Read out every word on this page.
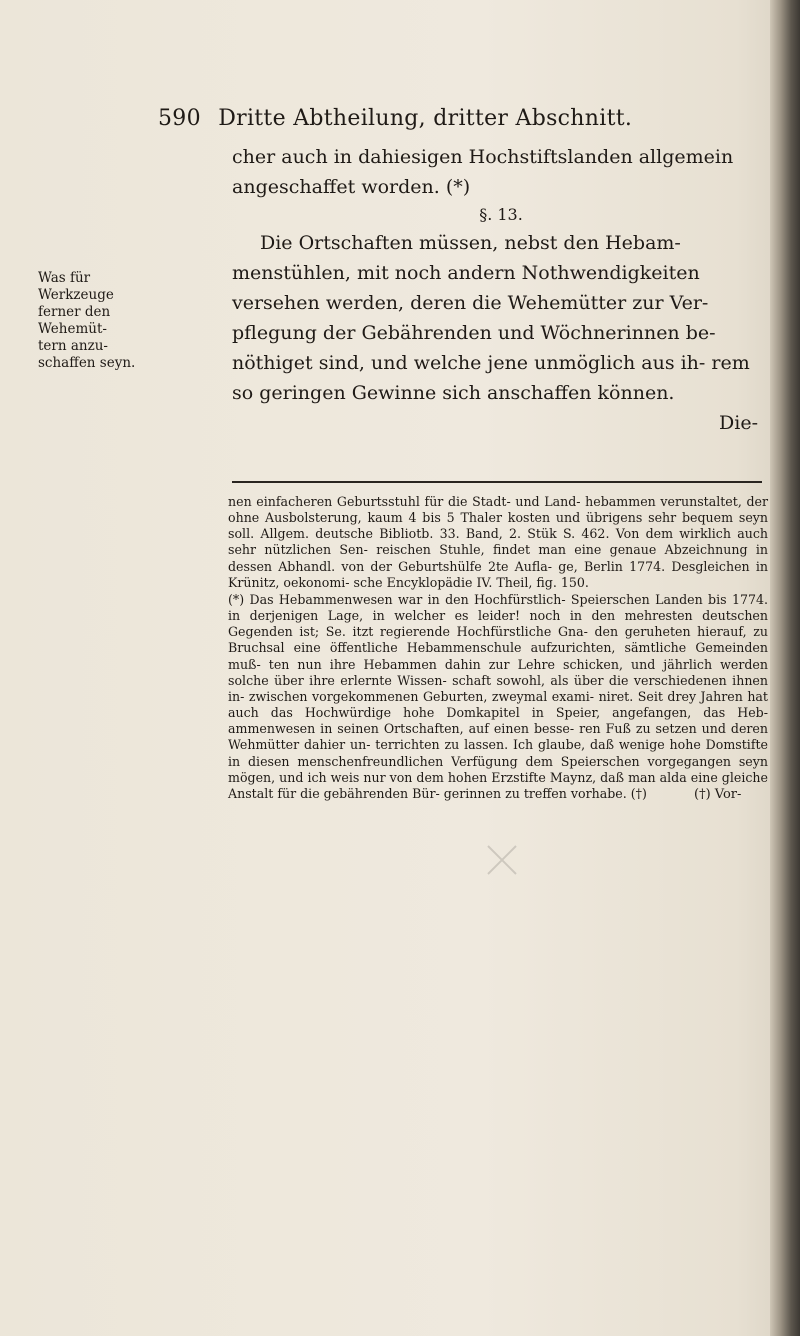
590 Dritte Abtheilung, dritter Abschnitt.
Was für
Werkzeuge
ferner den
Wehemüt-
tern anzu-
schaffen seyn.

cher auch in dahiesigen Hochstiftslanden allgemein

angeschaffet worden. (*)

§. 13.

Die Ortschaften müssen, nebst den Hebam- menstühlen, mit noch andern Nothwendigkeiten versehen werden, deren die Wehemütter zur Ver- pflegung der Gebährenden und Wöchnerinnen be- nöthiget sind, und welche jene unmöglich aus ih- rem so geringen Gewinne sich anschaffen können.

Die-

nen einfacheren Geburtsstuhl für die Stadt- und Land- hebammen verunstaltet, der ohne Ausbolsterung, kaum 4 bis 5 Thaler kosten und übrigens sehr bequem seyn soll. Allgem. deutsche Bibliotb. 33. Band, 2. Stük S. 462. Von dem wirklich auch sehr nützlichen Sen- reischen Stuhle, findet man eine genaue Abzeichnung in dessen Abhandl. von der Geburtshülfe 2te Aufla- ge, Berlin 1774. Desgleichen in Krünitz, oekonomi- sche Encyklopädie IV. Theil, fig. 150.

(*) Das Hebammenwesen war in den Hochfürstlich- Speierschen Landen bis 1774. in derjenigen Lage, in welcher es leider! noch in den mehresten deutschen Gegenden ist; Se. itzt regierende Hochfürstliche Gna- den geruheten hierauf, zu Bruchsal eine öffentliche Hebammenschule aufzurichten, sämtliche Gemeinden muß- ten nun ihre Hebammen dahin zur Lehre schicken, und jährlich werden solche über ihre erlernte Wissen- schaft sowohl, als über die verschiedenen ihnen in- zwischen vorgekommenen Geburten, zweymal exami- niret. Seit drey Jahren hat auch das Hochwürdige hohe Domkapitel in Speier, angefangen, das Heb- ammenwesen in seinen Ortschaften, auf einen besse- ren Fuß zu setzen und deren Wehmütter dahier un- terrichten zu lassen. Ich glaube, daß wenige hohe Domstifte in diesen menschenfreundlichen Verfügung dem Speierschen vorgegangen seyn mögen, und ich weis nur von dem hohen Erzstifte Maynz, daß man alda eine gleiche Anstalt für die gebährenden Bür- gerinnen zu treffen vorhabe. (†)	(†) Vor-
